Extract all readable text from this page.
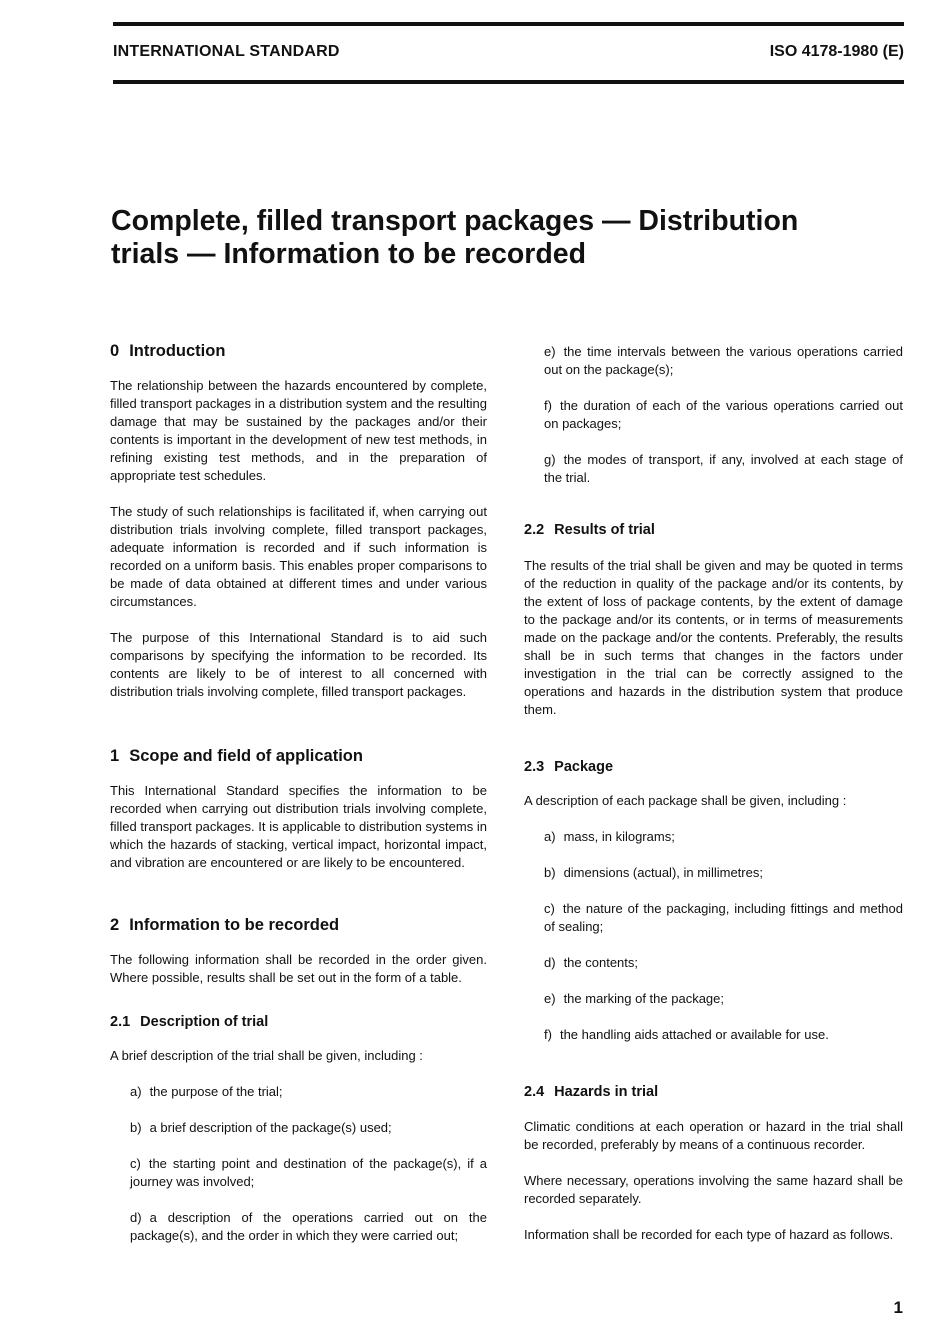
INTERNATIONAL STANDARD	ISO 4178-1980 (E)
Complete, filled transport packages — Distribution
trials — Information to be recorded
0 Introduction

The relationship between the hazards encountered by complete, filled transport packages in a distribution system and the resulting damage that may be sustained by the packages and/or their contents is important in the development of new test methods, in refining existing test methods, and in the preparation of appropriate test schedules.

The study of such relationships is facilitated if, when carrying out distribution trials involving complete, filled transport packages, adequate information is recorded and if such information is recorded on a uniform basis. This enables proper comparisons to be made of data obtained at different times and under various circumstances.

The purpose of this International Standard is to aid such comparisons by specifying the information to be recorded. Its contents are likely to be of interest to all concerned with distribution trials involving complete, filled transport packages.

1 Scope and field of application

This International Standard specifies the information to be recorded when carrying out distribution trials involving complete, filled transport packages. It is applicable to distribution systems in which the hazards of stacking, vertical impact, horizontal impact, and vibration are encountered or are likely to be encountered.

2 Information to be recorded

The following information shall be recorded in the order given. Where possible, results shall be set out in the form of a table.

2.1 Description of trial

A brief description of the trial shall be given, including :

a) the purpose of the trial;
b) a brief description of the package(s) used;
c) the starting point and destination of the package(s), if a journey was involved;
d) a description of the operations carried out on the package(s), and the order in which they were carried out;
e) the time intervals between the various operations carried out on the package(s);
f) the duration of each of the various operations carried out on packages;
g) the modes of transport, if any, involved at each stage of the trial.
2.2 Results of trial

The results of the trial shall be given and may be quoted in terms of the reduction in quality of the package and/or its contents, by the extent of loss of package contents, by the extent of damage to the package and/or its contents, or in terms of measurements made on the package and/or the contents. Preferably, the results shall be in such terms that changes in the factors under investigation in the trial can be correctly assigned to the operations and hazards in the distribution system that produce them.

2.3 Package

A description of each package shall be given, including :

a) mass, in kilograms;
b) dimensions (actual), in millimetres;
c) the nature of the packaging, including fittings and method of sealing;
d) the contents;
e) the marking of the package;
f) the handling aids attached or available for use.
2.4 Hazards in trial

Climatic conditions at each operation or hazard in the trial shall be recorded, preferably by means of a continuous recorder.

Where necessary, operations involving the same hazard shall be recorded separately.

Information shall be recorded for each type of hazard as follows.

1
